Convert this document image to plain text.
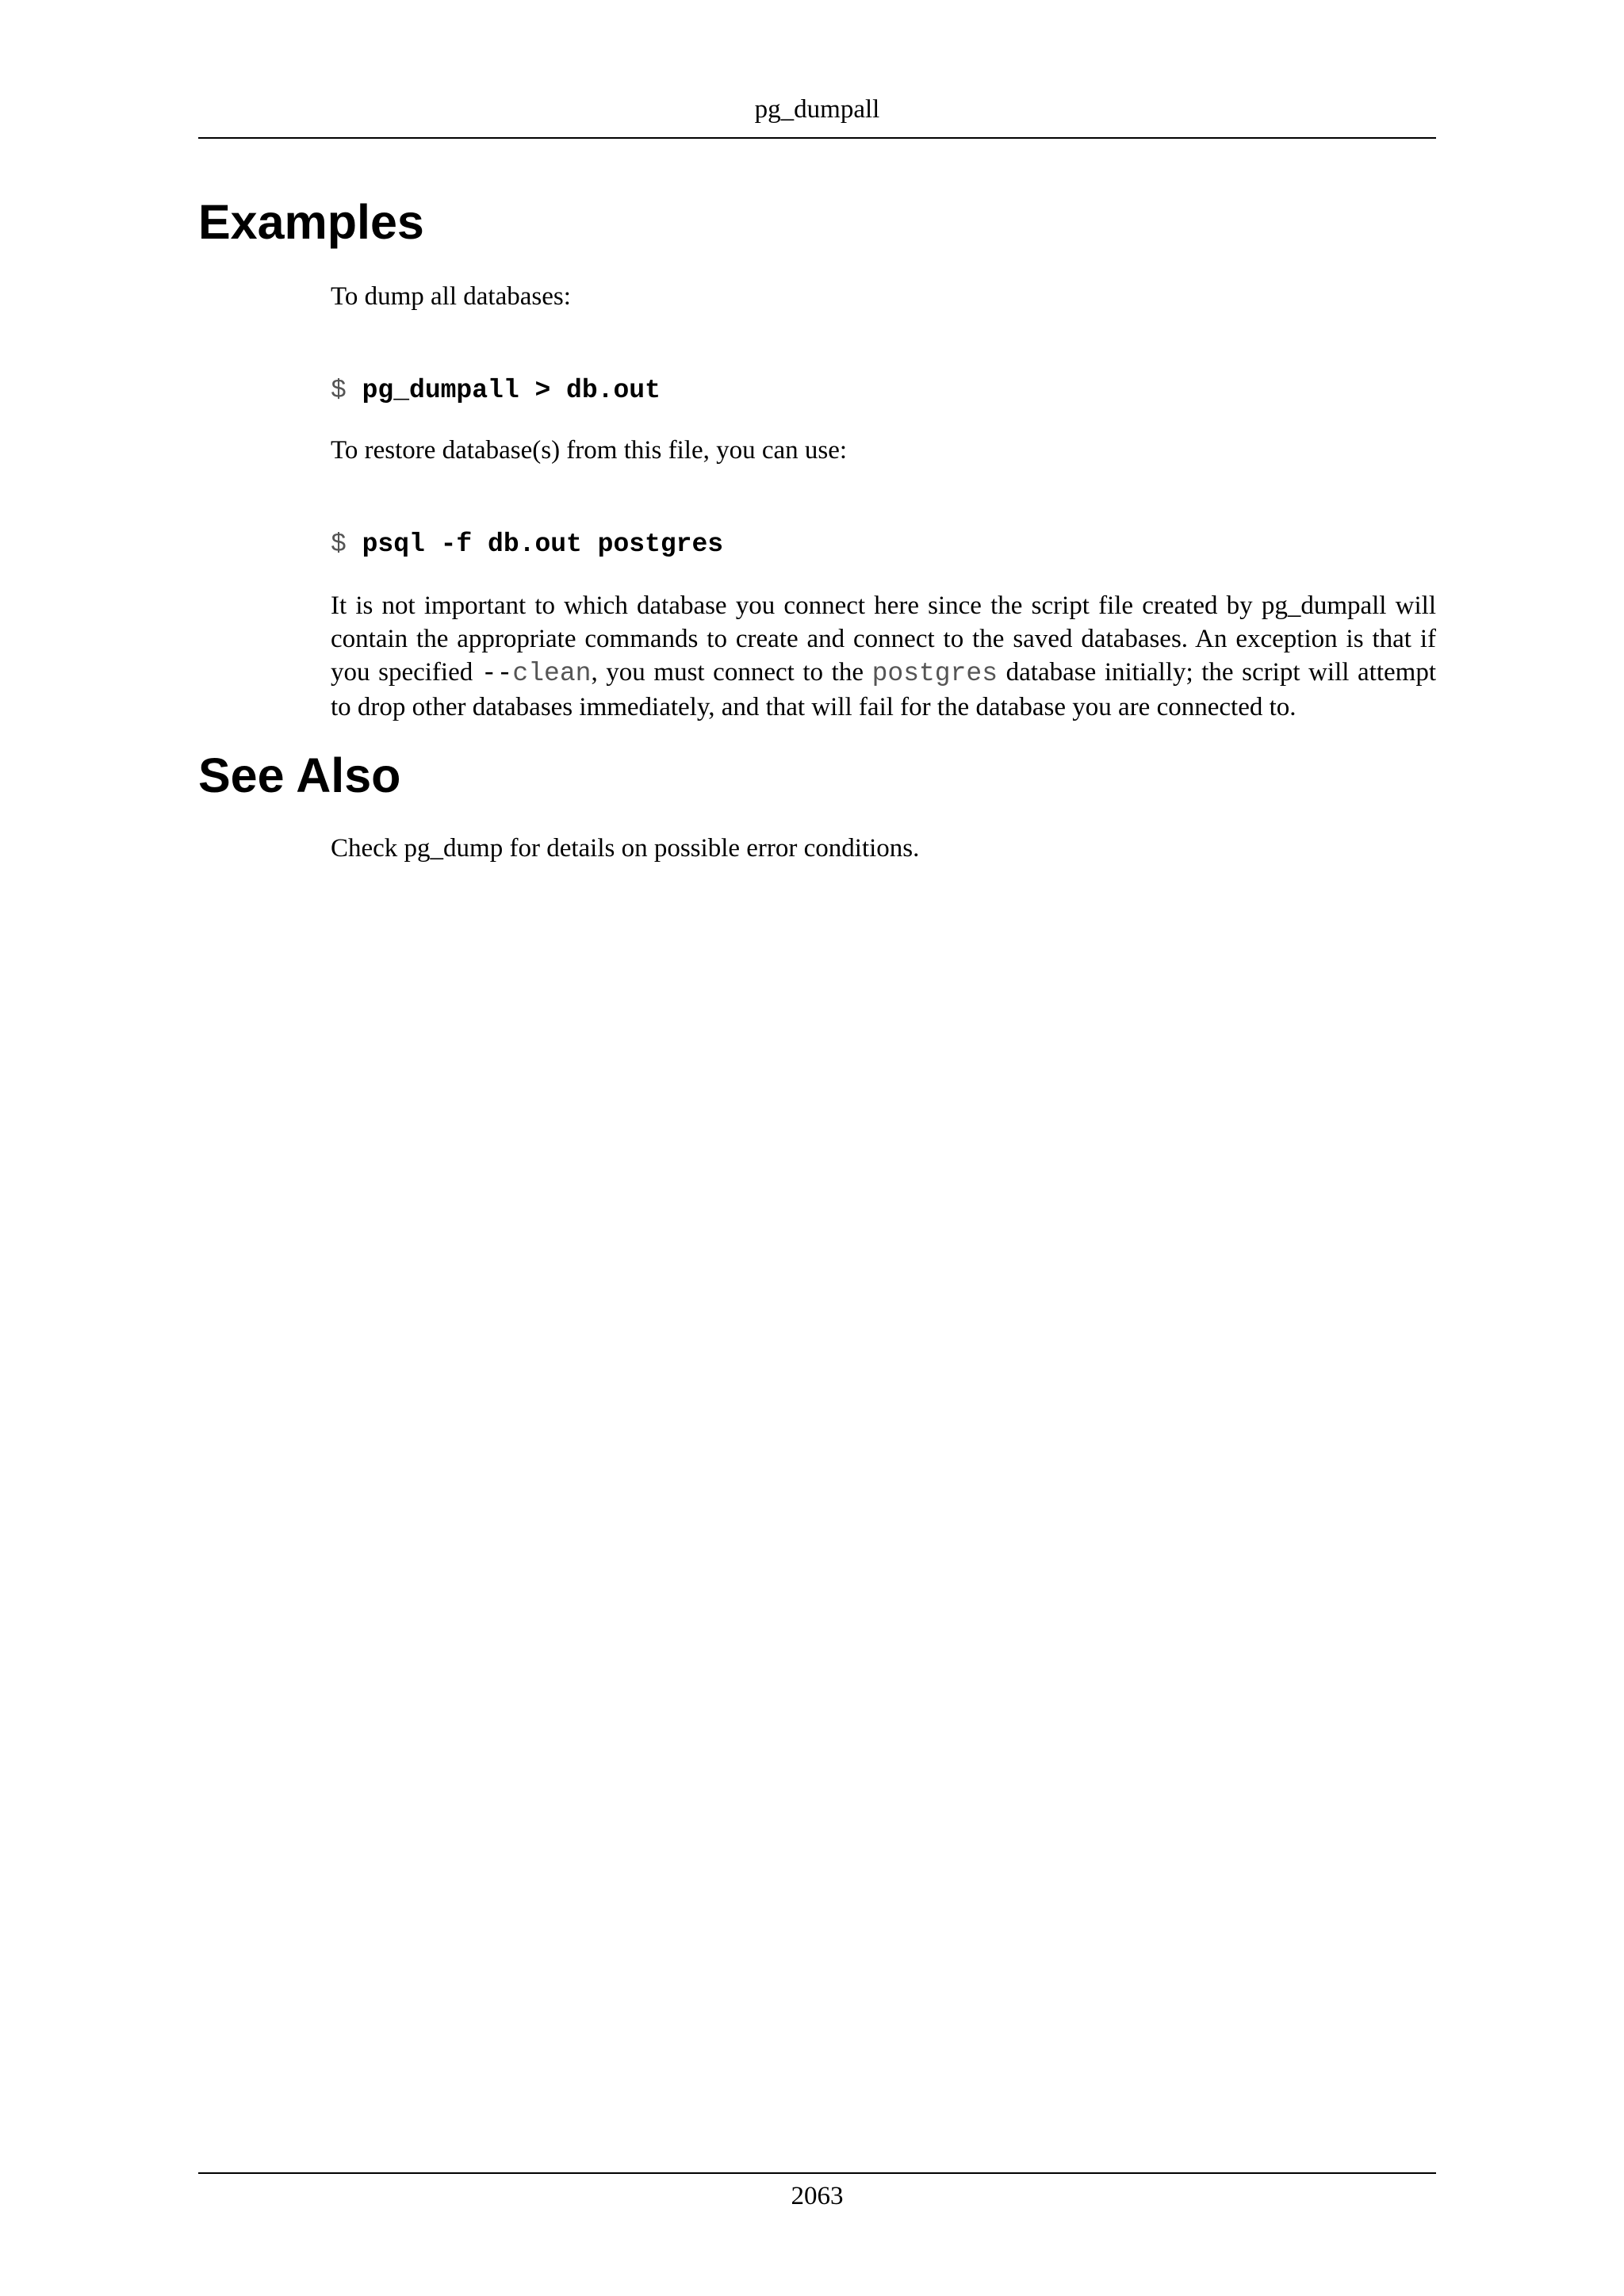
pg_dumpall
Examples

To dump all databases:

$ pg_dumpall > db.out

To restore database(s) from this file, you can use:

$ psql -f db.out postgres

It is not important to which database you connect here since the script file created by pg_dumpall will contain the appropriate commands to create and connect to the saved databases. An exception is that if you specified --clean, you must connect to the postgres database initially; the script will attempt to drop other databases immediately, and that will fail for the database you are connected to.

See Also

Check pg_dump for details on possible error conditions.

2063
